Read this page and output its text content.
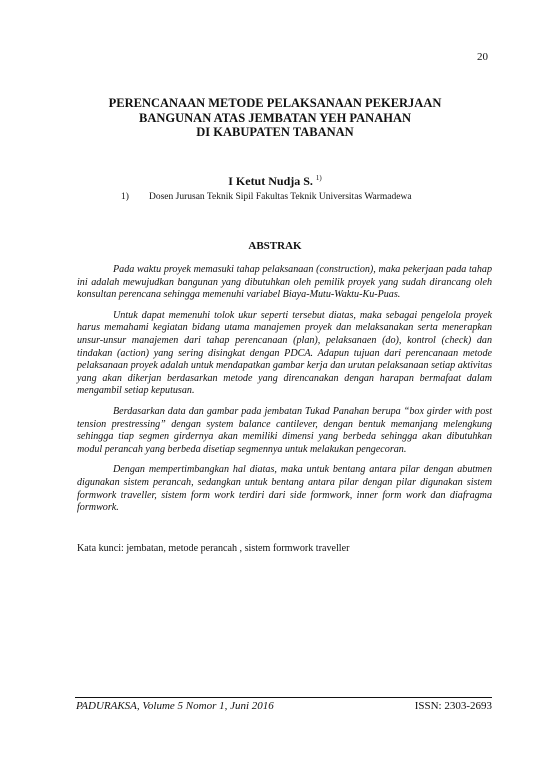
20
PERENCANAAN METODE PELAKSANAAN PEKERJAAN
BANGUNAN ATAS JEMBATAN YEH PANAHAN
DI KABUPATEN TABANAN
I Ketut Nudja S. $^{1)}$
1) Dosen Jurusan Teknik Sipil Fakultas Teknik Universitas Warmadewa
ABSTRAK

Pada waktu proyek memasuki tahap pelaksanaan (construction), maka pekerjaan pada tahap ini adalah mewujudkan bangunan yang dibutuhkan oleh pemilik proyek yang sudah dirancang oleh konsultan perencana sehingga memenuhi variabel Biaya-Mutu-Waktu-Ku-Puas.

Untuk dapat memenuhi tolok ukur seperti tersebut diatas, maka sebagai pengelola proyek harus memahami kegiatan bidang utama manajemen proyek dan melaksanakan serta menerapkan unsur-unsur manajemen dari tahap perencanaan (plan), pelaksanaen (do), kontrol (check) dan tindakan (action) yang sering disingkat dengan PDCA. Adapun tujuan dari perencanaan metode pelaksanaan proyek adalah untuk mendapatkan gambar kerja dan urutan pelaksanaan setiap aktivitas yang akan dikerjan berdasarkan metode yang direncanakan dengan harapan bermafaat dalam mengambil setiap keputusan.

Berdasarkan data dan gambar pada jembatan Tukad Panahan berupa “box girder with post tension prestressing” dengan system balance cantilever, dengan bentuk memanjang melengkung sehingga tiap segmen girdernya akan memiliki dimensi yang berbeda sehingga akan dibutuhkan modul perancah yang berbeda disetiap segmennya untuk melakukan pengecoran.

Dengan mempertimbangkan hal diatas, maka untuk bentang antara pilar dengan abutmen digunakan sistem perancah, sedangkan untuk bentang antara pilar dengan pilar digunakan sistem formwork traveller, sistem form work terdiri dari side formwork, inner form work dan diafragma formwork.

Kata kunci: jembatan, metode perancah , sistem formwork traveller
PADURAKSA, Volume 5 Nomor 1, Juni 2016	ISSN: 2303-2693
